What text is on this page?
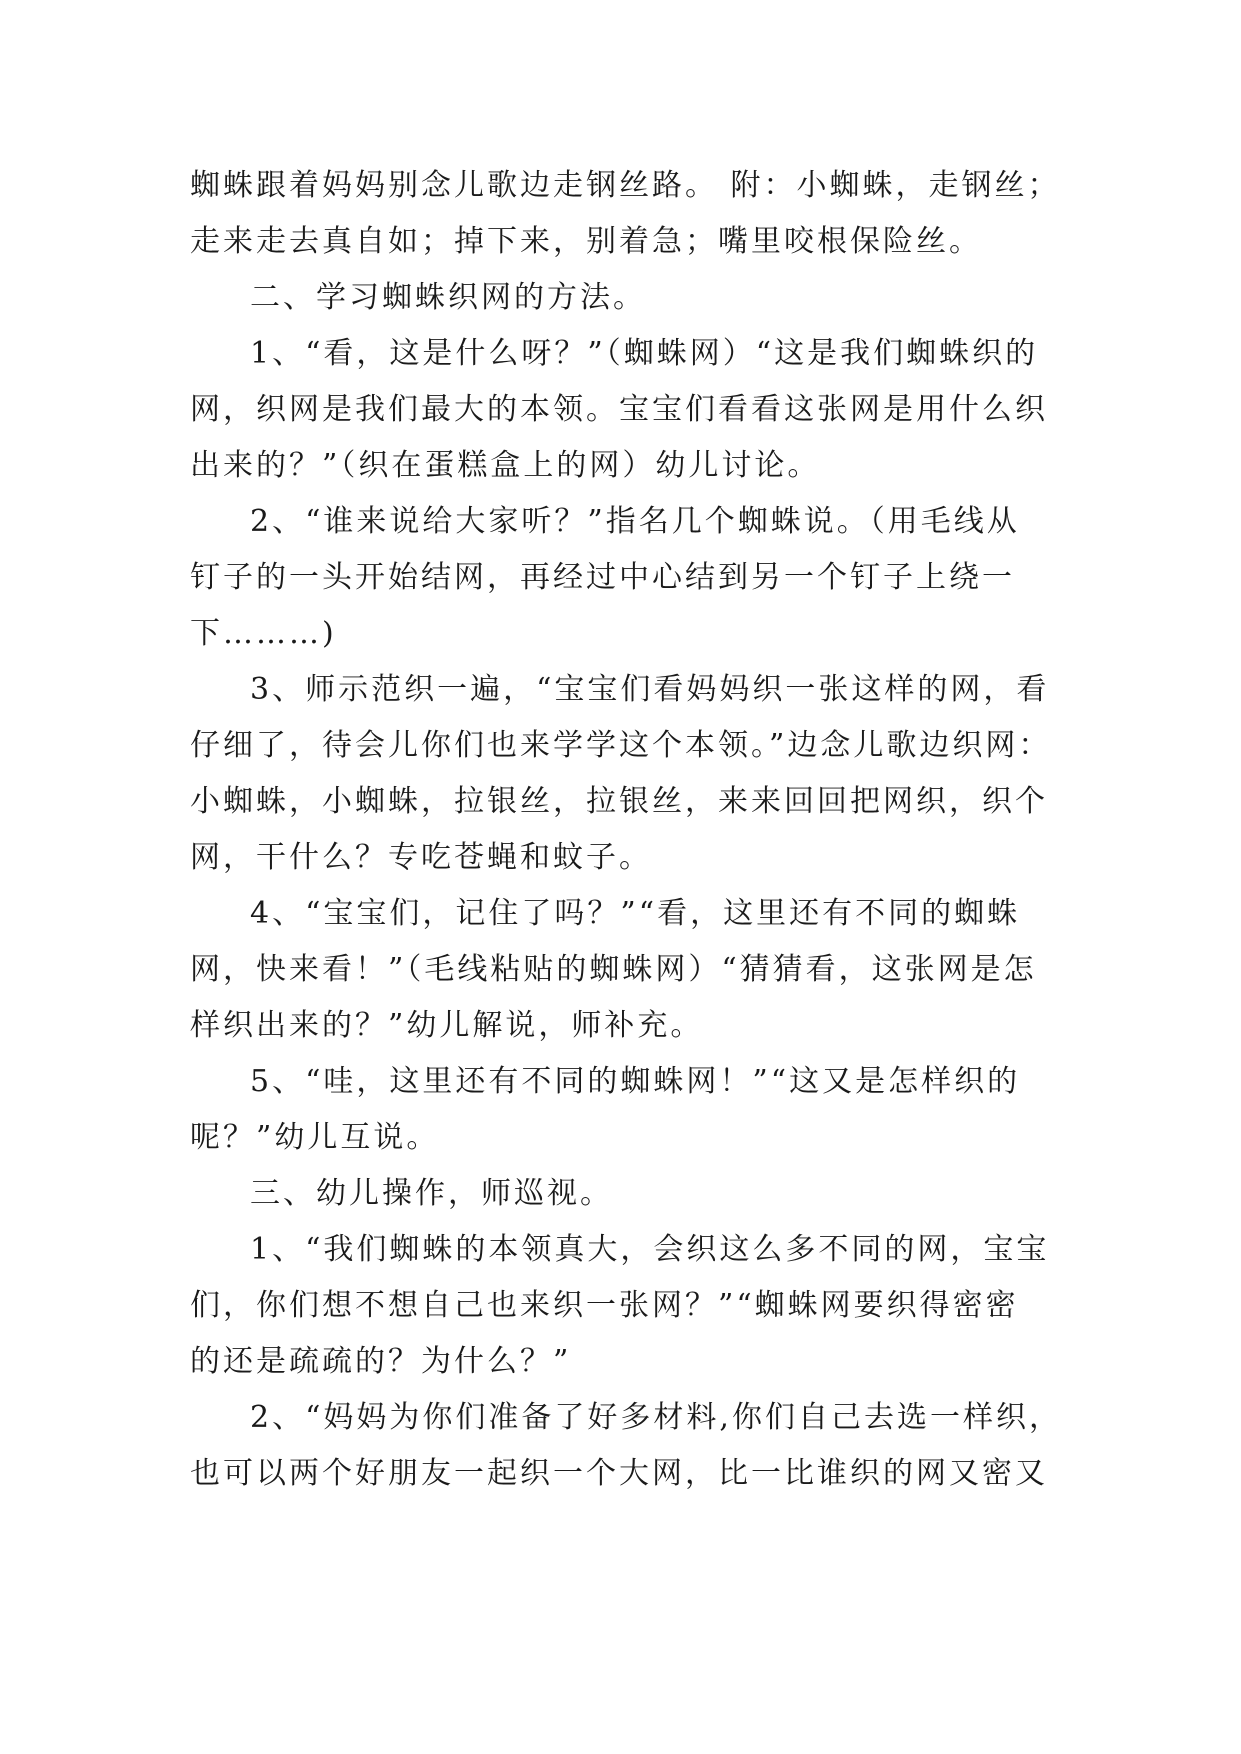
蜘蛛跟着妈妈别念儿歌边走钢丝路。 附：小蜘蛛，走钢丝；
走来走去真自如；掉下来，别着急；嘴里咬根保险丝。
二、学习蜘蛛织网的方法。
1、“看，这是什么呀？”（蜘蛛网）“这是我们蜘蛛织的
网，织网是我们最大的本领。宝宝们看看这张网是用什么织
出来的？”（织在蛋糕盒上的网）幼儿讨论。
2、“谁来说给大家听？”指名几个蜘蛛说。（用毛线从
钉子的一头开始结网，再经过中心结到另一个钉子上绕一
下………)
3、师示范织一遍，“宝宝们看妈妈织一张这样的网，看
仔细了，待会儿你们也来学学这个本领。”边念儿歌边织网：
小蜘蛛，小蜘蛛，拉银丝，拉银丝，来来回回把网织，织个
网，干什么？专吃苍蝇和蚊子。
4、“宝宝们，记住了吗？”“看，这里还有不同的蜘蛛
网，快来看！”（毛线粘贴的蜘蛛网）“猜猜看，这张网是怎
样织出来的？”幼儿解说，师补充。
5、“哇，这里还有不同的蜘蛛网！”“这又是怎样织的
呢？”幼儿互说。
三、幼儿操作，师巡视。
1、“我们蜘蛛的本领真大，会织这么多不同的网，宝宝
们，你们想不想自己也来织一张网？”“蜘蛛网要织得密密
的还是疏疏的？为什么？”
2、“妈妈为你们准备了好多材料,你们自己去选一样织，
也可以两个好朋友一起织一个大网，比一比谁织的网又密又
